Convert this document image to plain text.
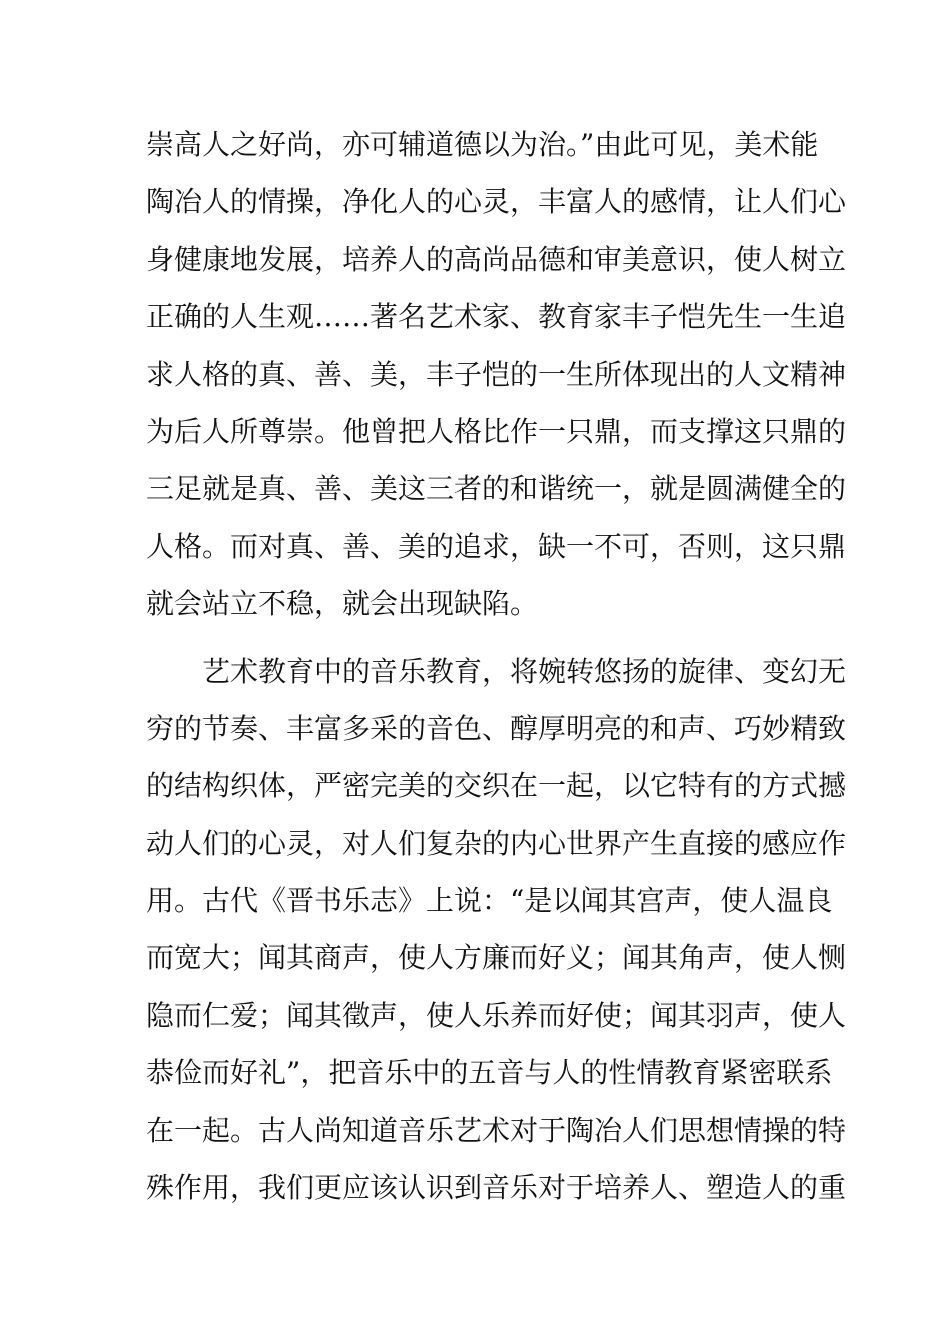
崇高人之好尚，亦可辅道德以为治。”由此可见，美术能
陶冶人的情操，净化人的心灵，丰富人的感情，让人们心
身健康地发展，培养人的高尚品德和审美意识，使人树立
正确的人生观……著名艺术家、教育家丰子恺先生一生追
求人格的真、善、美，丰子恺的一生所体现出的人文精神
为后人所尊崇。他曾把人格比作一只鼎，而支撑这只鼎的
三足就是真、善、美这三者的和谐统一，就是圆满健全的
人格。而对真、善、美的追求，缺一不可，否则，这只鼎
就会站立不稳，就会出现缺陷。
艺术教育中的音乐教育，将婉转悠扬的旋律、变幻无
穷的节奏、丰富多采的音色、醇厚明亮的和声、巧妙精致
的结构织体，严密完美的交织在一起，以它特有的方式撼
动人们的心灵，对人们复杂的内心世界产生直接的感应作
用。古代《晋书乐志》上说：“是以闻其宫声，使人温良
而宽大；闻其商声，使人方廉而好义；闻其角声，使人恻
隐而仁爱；闻其徵声，使人乐养而好使；闻其羽声，使人
恭俭而好礼”，把音乐中的五音与人的性情教育紧密联系
在一起。古人尚知道音乐艺术对于陶冶人们思想情操的特
殊作用，我们更应该认识到音乐对于培养人、塑造人的重
